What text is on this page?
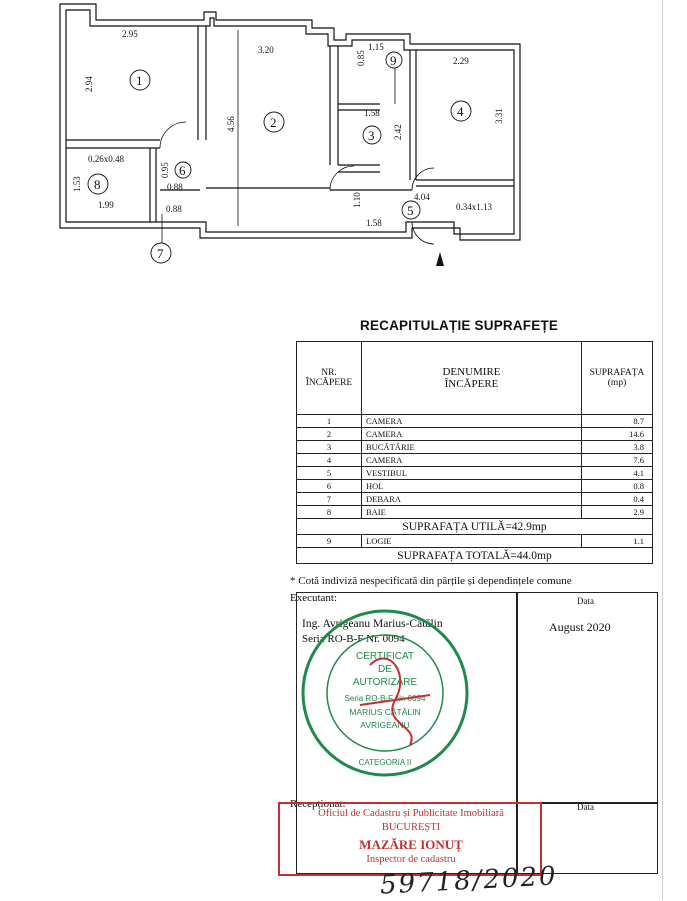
2.95
2.94
3.20
4.56
1.15
0.85
1.58
2.42
2.29
3.31
0.26x0.48
1.53
1.99
0.95
0.88
0.88
4.04
1.10
1.58
0.34x1.13
1
2
3
4
5
6
7
8
9
RECAPITULAȚIE SUPRAFEȚE
NR.
ÎNCĂPERE	DENUMIRE
ÎNCĂPERE	SUPRAFAȚA
(mp)
1	CAMERA	8.7
2	CAMERA	14.6
3	BUCĂTĂRIE	3.8
4	CAMERA	7.6
5	VESTIBUL	4.1
6	HOL	0.8
7	DEBARA	0.4
8	BAIE	2.9
SUPRAFAȚA UTILĂ=42.9mp		
9	LOGIE	1.1
SUPRAFAȚA TOTALĂ=44.0mp		
* Cotă indiviză nespecificată din părțile și dependințele comune
Executant:	Data
Ing. Avrigeanu Marius-Cătălin
Seria RO-B-F Nr. 0094
August 2020
CERTIFICAT
DE
AUTORIZARE
Seria RO-B-F Nr. 0094
MARIUS CĂTĂLIN
AVRIGEANU
CATEGORIA II
Recepționat:	Data
Oficiul de Cadastru și Publicitate Imobiliară
BUCUREȘTI
MAZĂRE IONUȚ
Inspector de cadastru
59718/2020
